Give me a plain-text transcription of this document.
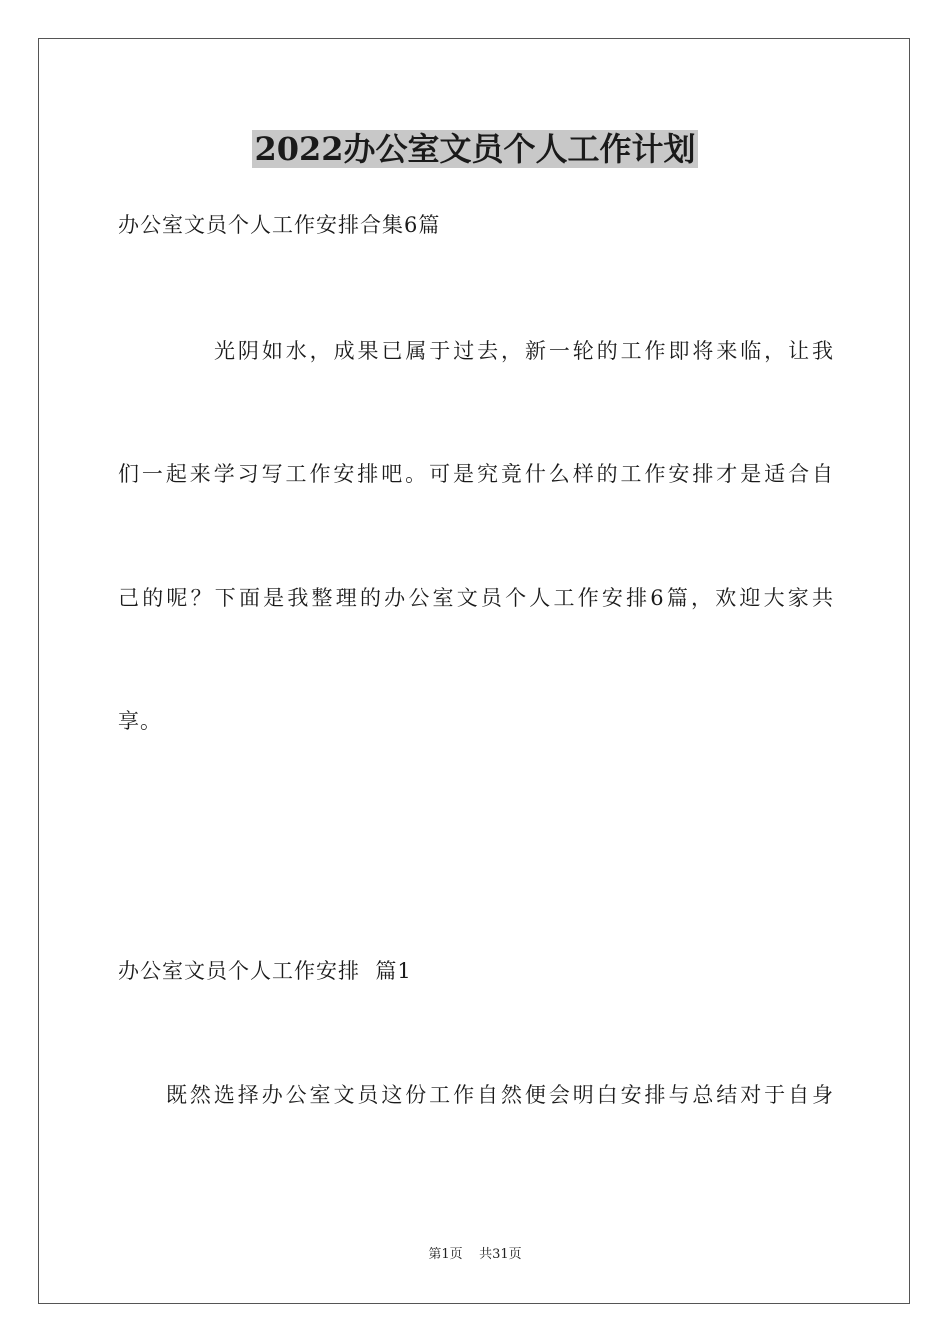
2022办公室文员个人工作计划
办公室文员个人工作安排合集6篇
光阴如水，成果已属于过去，新一轮的工作即将来临，让我
们一起来学习写工作安排吧。可是究竟什么样的工作安排才是适合自
己的呢？下面是我整理的办公室文员个人工作安排6篇，欢迎大家共
享。
办公室文员个人工作安排  篇1
既然选择办公室文员这份工作自然便会明白安排与总结对于自身
第1页    共31页
